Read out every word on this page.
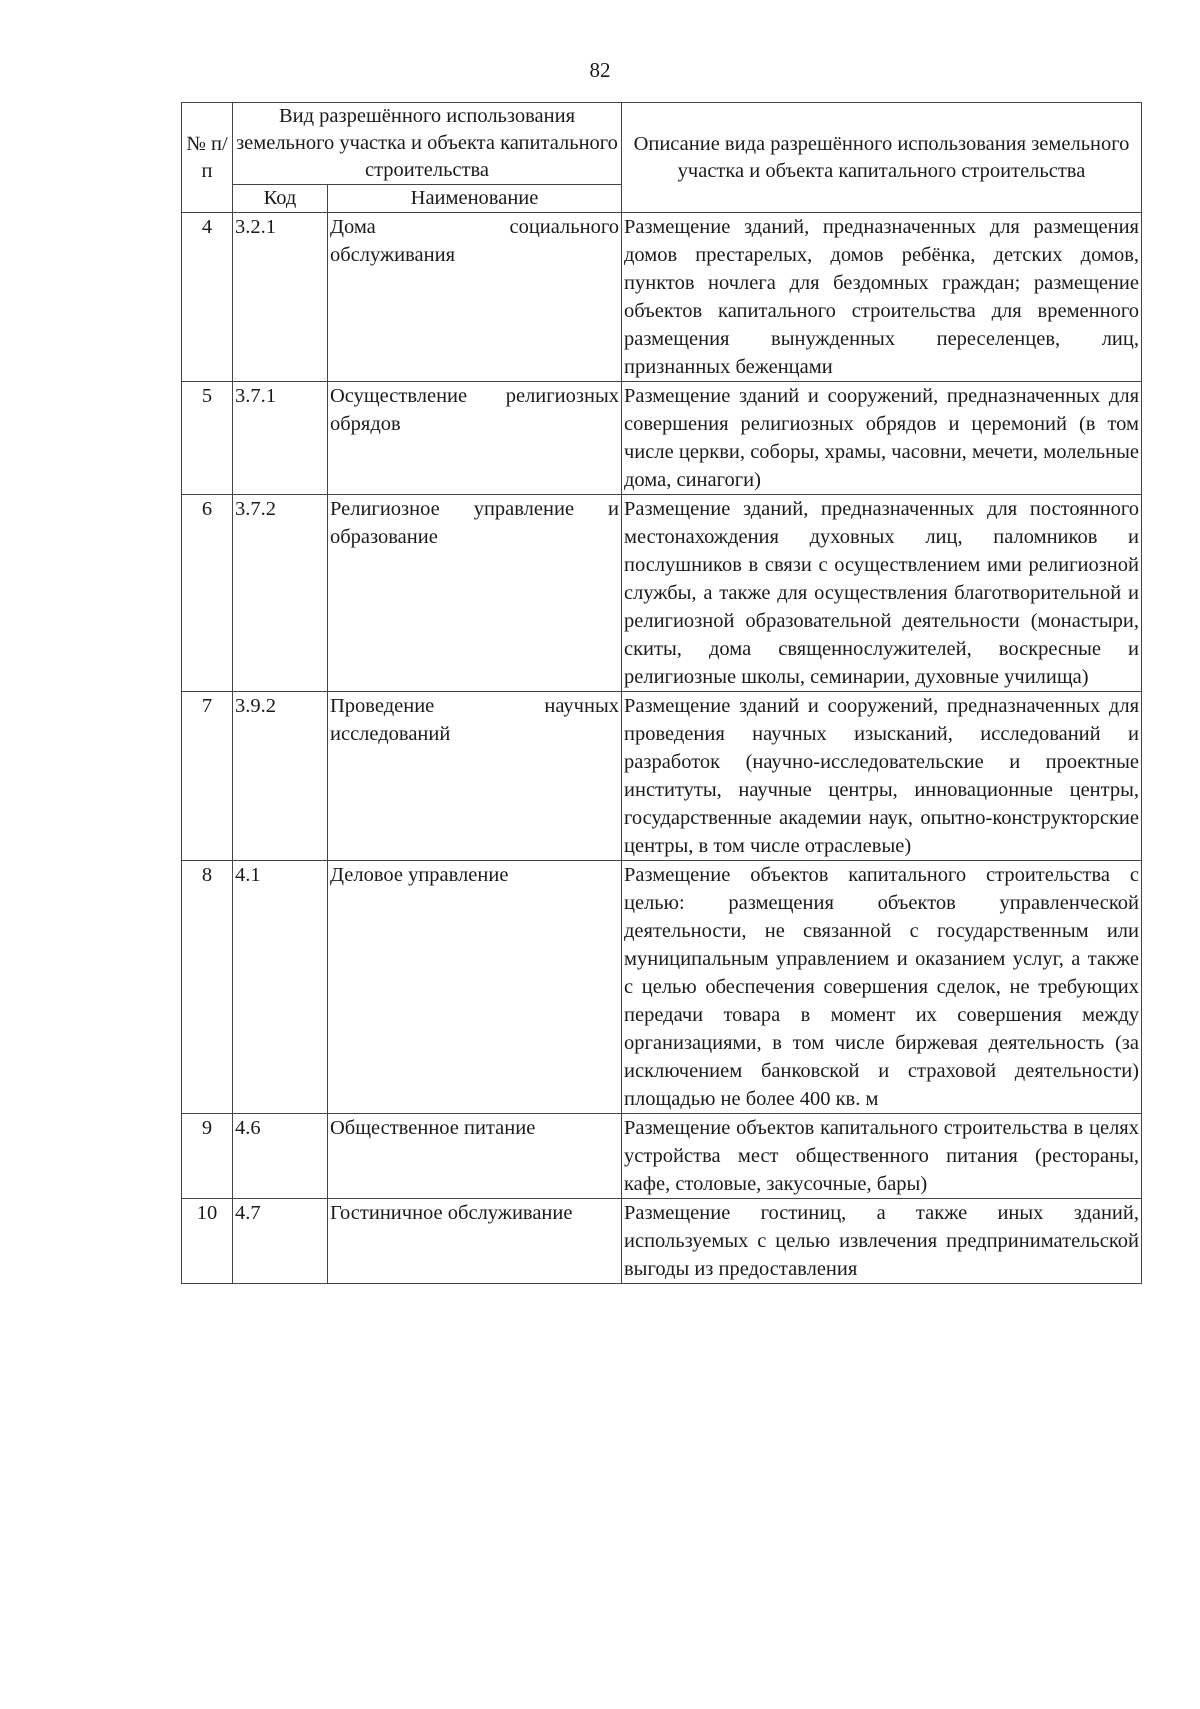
82
№ п/п	Вид разрешённого использования земельного участка и объекта капитального строительства		Описание вида разрешённого использования земельного участка и объекта капитального строительства
	Код	Наименование	
4	3.2.1	Дома социального обслуживания	Размещение зданий, предназначенных для размещения домов престарелых, домов ребёнка, детских домов, пунктов ночлега для бездомных граждан; размещение объектов капитального строительства для временного размещения вынужденных переселенцев, лиц, признанных беженцами
5	3.7.1	Осуществление религиозных обрядов	Размещение зданий и сооружений, предназначенных для совершения религиозных обрядов и церемоний (в том числе церкви, соборы, храмы, часовни, мечети, молельные дома, синагоги)
6	3.7.2	Религиозное управление и образование	Размещение зданий, предназначенных для постоянного местонахождения духовных лиц, паломников и послушников в связи с осуществлением ими религиозной службы, а также для осуществления благотворительной и религиозной образовательной деятельности (монастыри, скиты, дома священнослужителей, воскресные и религиозные школы, семинарии, духовные училища)
7	3.9.2	Проведение научных исследований	Размещение зданий и сооружений, предназначенных для проведения научных изысканий, исследований и разработок (научно-исследовательские и проектные институты, научные центры, инновационные центры, государственные академии наук, опытно-конструкторские центры, в том числе отраслевые)
8	4.1	Деловое управление	Размещение объектов капитального строительства с целью: размещения объектов управленческой деятельности, не связанной с государственным или муниципальным управлением и оказанием услуг, а также с целью обеспечения совершения сделок, не требующих передачи товара в момент их совершения между организациями, в том числе биржевая деятельность (за исключением банковской и страховой деятельности) площадью не более 400 кв. м
9	4.6	Общественное питание	Размещение объектов капитального строительства в целях устройства мест общественного питания (рестораны, кафе, столовые, закусочные, бары)
10	4.7	Гостиничное обслуживание	Размещение гостиниц, а также иных зданий, используемых с целью извлечения предпринимательской выгоды из предоставления
